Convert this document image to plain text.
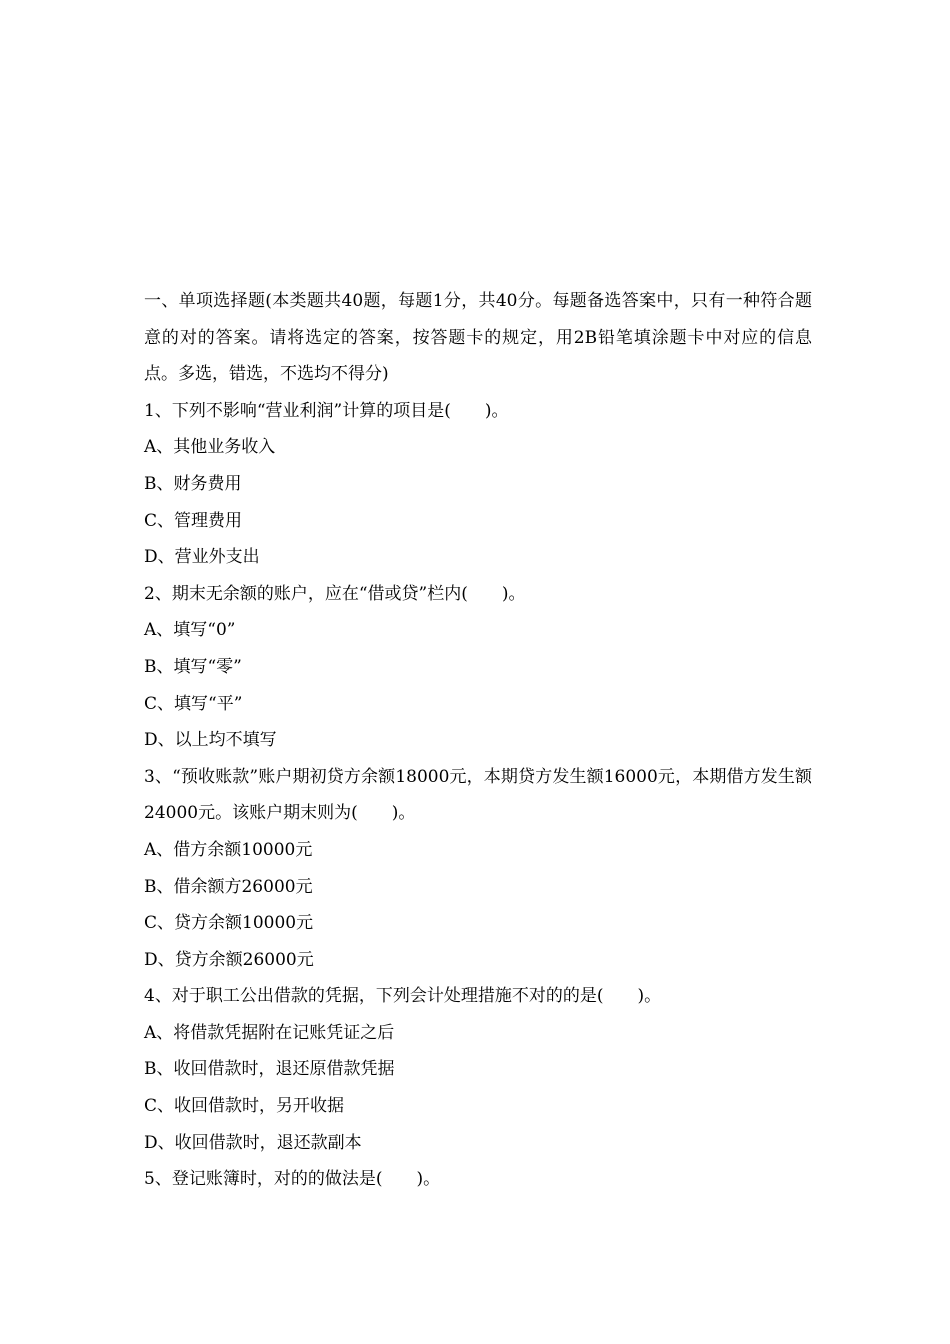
一、单项选择题(本类题共40题，每题1分，共40分。每题备选答案中，只有一种符合题意的对的答案。请将选定的答案，按答题卡的规定，用2B铅笔填涂题卡中对应的信息点。多选，错选，不选均不得分)

1、下列不影响“营业利润”计算的项目是(　　)。

A、其他业务收入

B、财务费用

C、管理费用

D、营业外支出

2、期末无余额的账户，应在“借或贷”栏内(　　)。

A、填写“0”

B、填写“零”

C、填写“平”

D、以上均不填写

3、“预收账款”账户期初贷方余额18000元，本期贷方发生额16000元，本期借方发生额24000元。该账户期末则为(　　)。

A、借方余额10000元

B、借余额方26000元

C、贷方余额10000元

D、贷方余额26000元

4、对于职工公出借款的凭据，下列会计处理措施不对的的是(　　)。

A、将借款凭据附在记账凭证之后

B、收回借款时，退还原借款凭据

C、收回借款时，另开收据

D、收回借款时，退还款副本

5、登记账簿时，对的的做法是(　　)。
